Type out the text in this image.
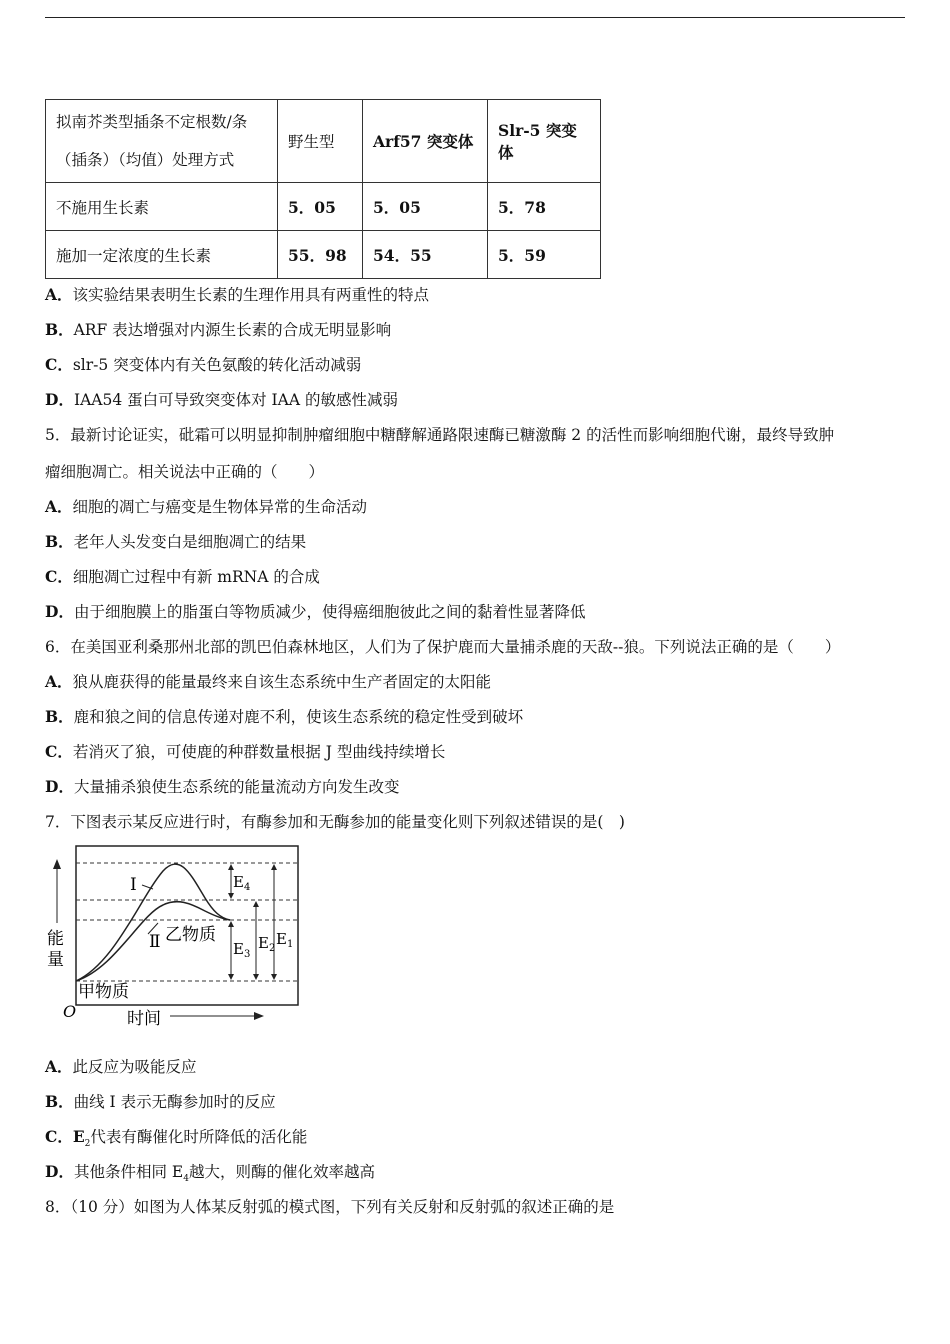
拟南芥类型插条不定根数/条
（插条）（均值）处理方式	野生型	Arf57 突变体	Slr-5 突变体
不施用生长素	5．05	5．05	5．78
施加一定浓度的生长素	55．98	54．55	5．59
A．该实验结果表明生长素的生理作用具有两重性的特点
B．ARF 表达增强对内源生长素的合成无明显影响
C．slr-5 突变体内有关色氨酸的转化活动减弱
D．IAA54 蛋白可导致突变体对 IAA 的敏感性减弱
5．最新讨论证实，砒霜可以明显抑制肿瘤细胞中糖酵解通路限速酶已糖激酶 2 的活性而影响细胞代谢，最终导致肿
瘤细胞凋亡。相关说法中正确的（　　）
A．细胞的凋亡与癌变是生物体异常的生命活动
B．老年人头发变白是细胞凋亡的结果
C．细胞凋亡过程中有新 mRNA 的合成
D．由于细胞膜上的脂蛋白等物质减少，使得癌细胞彼此之间的黏着性显著降低
6．在美国亚利桑那州北部的凯巴伯森林地区，人们为了保护鹿而大量捕杀鹿的天敌--狼。下列说法正确的是（　　）
A．狼从鹿获得的能量最终来自该生态系统中生产者固定的太阳能
B．鹿和狼之间的信息传递对鹿不利，使该生态系统的稳定性受到破坏
C．若消灭了狼，可使鹿的种群数量根据 J 型曲线持续增长
D．大量捕杀狼使生态系统的能量流动方向发生改变
7．下图表示某反应进行时，有酶参加和无酶参加的能量变化则下列叙述错误的是(　)
能
量
时间
O
Ⅰ
Ⅱ 乙物质
甲物质
$E_4$
$E_3$
$E_2$
$E_1$
A．此反应为吸能反应
B．曲线 I 表示无酶参加时的反应
C．$E_2$代表有酶催化时所降低的活化能
D．其他条件相同 $E_4$越大，则酶的催化效率越高
8．（10 分）如图为人体某反射弧的模式图，下列有关反射和反射弧的叙述正确的是
